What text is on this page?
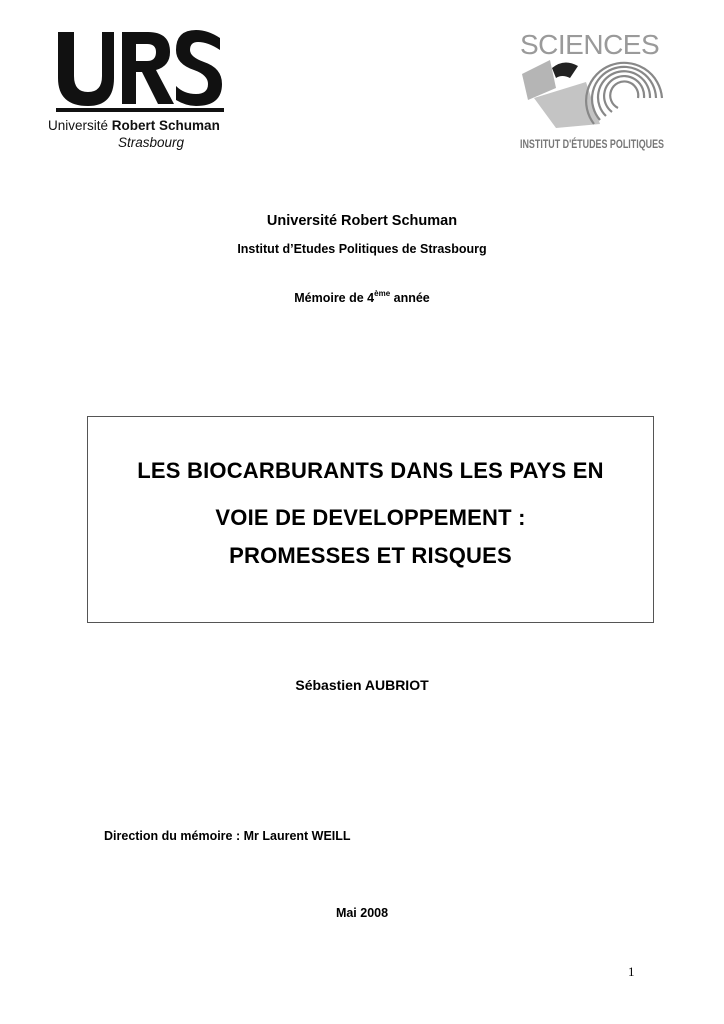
Université Robert Schuman
Strasbourg
SCIENCES
INSTITUT D'ÉTUDES POLITIQUES
Université Robert Schuman
Institut d’Etudes Politiques de Strasbourg
Mémoire de 4ème année
LES BIOCARBURANTS DANS LES PAYS EN
VOIE DE DEVELOPPEMENT :
PROMESSES ET RISQUES
Sébastien AUBRIOT
Direction du mémoire : Mr Laurent WEILL
Mai 2008
1
